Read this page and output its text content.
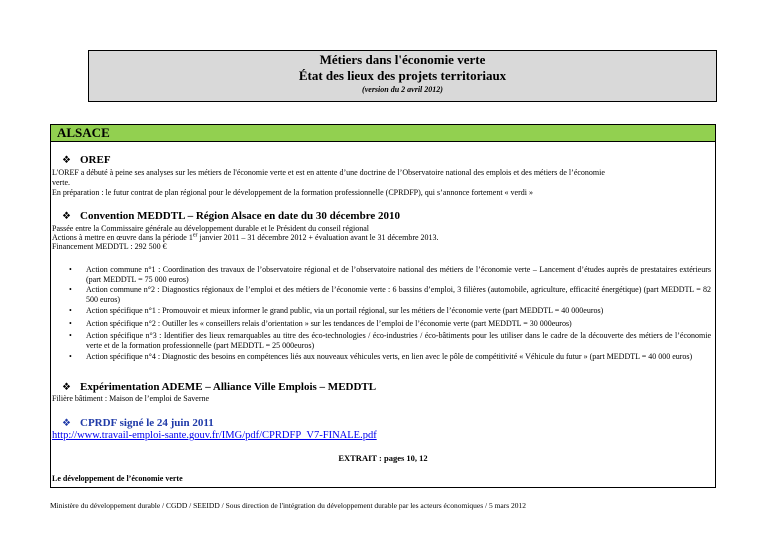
Métiers dans l'économie verte
État des lieux des projets territoriaux
(version du 2 avril 2012)
ALSACE
❖ OREF
L'OREF a débuté à peine ses analyses sur les métiers de l'économie verte et est en attente d’une doctrine de l’Observatoire national des emplois et des métiers de l’économie
verte.
En préparation : le futur contrat de plan régional pour le développement de la formation professionnelle (CPRDFP), qui s’annonce fortement « verdi »
❖ Convention MEDDTL – Région Alsace en date du 30 décembre 2010
Passée entre la Commissaire générale au développement durable et le Président du conseil régional
Actions à mettre en œuvre dans la période 1er janvier 2011 – 31 décembre 2012 + évaluation avant le 31 décembre 2013.
Financement MEDDTL : 292 500 €
• Action commune n°1 : Coordination des travaux de l’observatoire régional et de l’observatoire national des métiers de l’économie verte – Lancement d’études auprès de prestataires extérieurs (part MEDDTL = 75 000 euros)
• Action commune n°2 : Diagnostics régionaux de l’emploi et des métiers de l’économie verte : 6 bassins d’emploi, 3 filières (automobile, agriculture, efficacité énergétique) (part MEDDTL = 82 500 euros)
• Action spécifique n°1 : Promouvoir et mieux informer le grand public, via un portail régional, sur les métiers de l’économie verte (part MEDDTL = 40 000euros)
• Action spécifique n°2 : Outiller les « conseillers relais d’orientation » sur les tendances de l’emploi de l’économie verte (part MEDDTL = 30 000euros)
• Action spécifique n°3 : Identifier des lieux remarquables au titre des éco-technologies / éco-industries / éco-bâtiments pour les utiliser dans le cadre de la découverte des métiers de l’économie verte et de la formation professionnelle (part MEDDTL = 25 000euros)
• Action spécifique n°4 : Diagnostic des besoins en compétences liés aux nouveaux véhicules verts, en lien avec le pôle de compétitivité « Véhicule du futur » (part MEDDTL = 40 000 euros)
❖ Expérimentation ADEME – Alliance Ville Emplois – MEDDTL
Filière bâtiment : Maison de l’emploi de Saverne
❖ CPRDF signé le 24 juin 2011
http://www.travail-emploi-sante.gouv.fr/IMG/pdf/CPRDFP_V7-FINALE.pdf
EXTRAIT : pages 10, 12
Le développement de l’économie verte
Ministère du développement durable / CGDD / SEEIDD / Sous direction de l'intégration du développement durable par les acteurs économiques / 5 mars 2012
